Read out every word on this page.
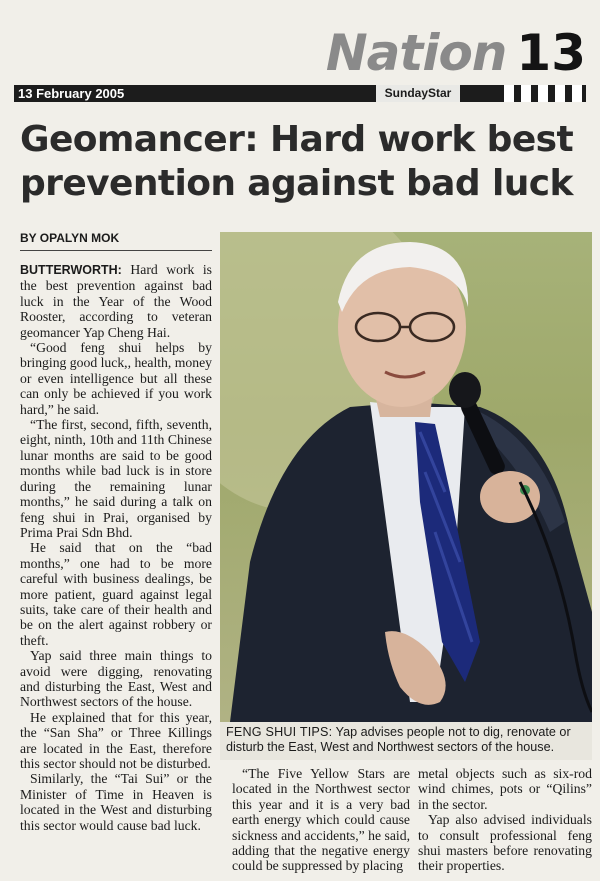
Nation 13
13 February 2005	SundayStar
Geomancer: Hard work best
prevention against bad luck
BY OPALYN MOK

BUTTERWORTH: Hard work is the best prevention against bad luck in the Year of the Wood Rooster, according to veteran geomancer Yap Cheng Hai.

“Good feng shui helps by bringing good luck,, health, money or even intelligence but all these can only be achieved if you work hard,” he said.

“The first, second, fifth, seventh, eight, ninth, 10th and 11th Chinese lunar months are said to be good months while bad luck is in store during the remaining lunar months,” he said during a talk on feng shui in Prai, organised by Prima Prai Sdn Bhd.

He said that on the “bad months,” one had to be more careful with business dealings, be more patient, guard against legal suits, take care of their health and be on the alert against robbery or theft.

Yap said three main things to avoid were digging, renovating and disturbing the East, West and Northwest sectors of the house.

He explained that for this year, the “San Sha” or Three Killings are located in the East, therefore this sector should not be disturbed.

Similarly, the “Tai Sui” or the Minister of Time in Heaven is located in the West and disturbing this sector would cause bad luck.

FENG SHUI TIPS: Yap advises people not to dig, renovate or disturb the East, West and Northwest sectors of the house.

“The Five Yellow Stars are located in the Northwest sector this year and it is a very bad earth energy which could cause sickness and accidents,” he said, adding that the negative energy could be suppressed by placing

metal objects such as six-rod wind chimes, pots or “Qilins” in the sector.

Yap also advised individuals to consult professional feng shui masters before renovating their properties.
